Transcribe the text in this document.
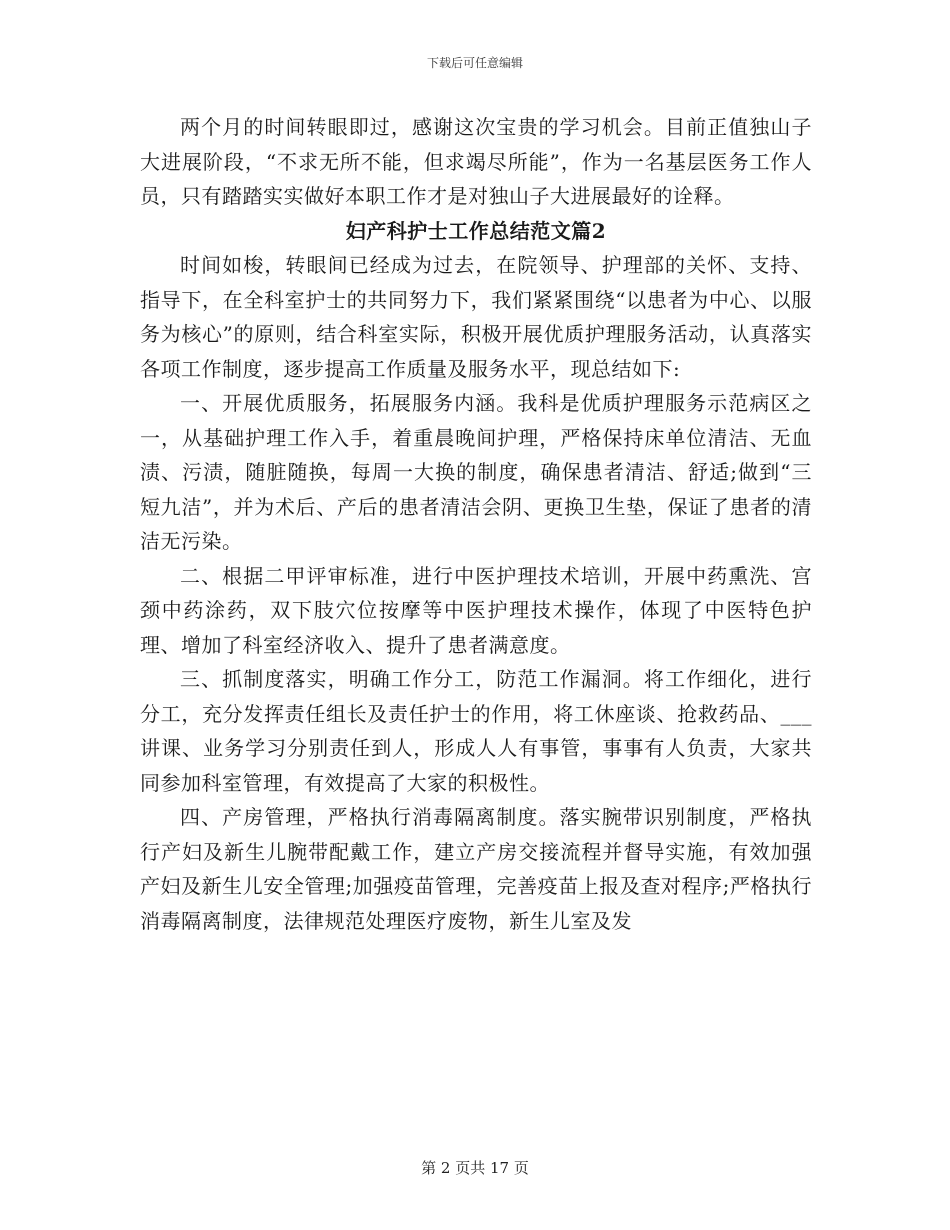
下载后可任意编辑

两个月的时间转眼即过，感谢这次宝贵的学习机会。目前正值独山子大进展阶段，“不求无所不能，但求竭尽所能”，作为一名基层医务工作人员，只有踏踏实实做好本职工作才是对独山子大进展最好的诠释。

妇产科护士工作总结范文篇2

时间如梭，转眼间已经成为过去，在院领导、护理部的关怀、支持、指导下，在全科室护士的共同努力下，我们紧紧围绕“以患者为中心、以服务为核心”的原则，结合科室实际，积极开展优质护理服务活动，认真落实各项工作制度，逐步提高工作质量及服务水平，现总结如下:

一、开展优质服务，拓展服务内涵。我科是优质护理服务示范病区之一，从基础护理工作入手，着重晨晚间护理，严格保持床单位清洁、无血渍、污渍，随脏随换，每周一大换的制度，确保患者清洁、舒适;做到“三短九洁”，并为术后、产后的患者清洁会阴、更换卫生垫，保证了患者的清洁无污染。

二、根据二甲评审标准，进行中医护理技术培训，开展中药熏洗、宫颈中药涂药，双下肢穴位按摩等中医护理技术操作，体现了中医特色护理、增加了科室经济收入、提升了患者满意度。

三、抓制度落实，明确工作分工，防范工作漏洞。将工作细化，进行分工，充分发挥责任组长及责任护士的作用，将工休座谈、抢救药品、___讲课、业务学习分别责任到人，形成人人有事管，事事有人负责，大家共同参加科室管理，有效提高了大家的积极性。

四、产房管理，严格执行消毒隔离制度。落实腕带识别制度，严格执行产妇及新生儿腕带配戴工作，建立产房交接流程并督导实施，有效加强产妇及新生儿安全管理;加强疫苗管理，完善疫苗上报及查对程序;严格执行消毒隔离制度，法律规范处理医疗废物，新生儿室及发

第 2 页共 17 页
